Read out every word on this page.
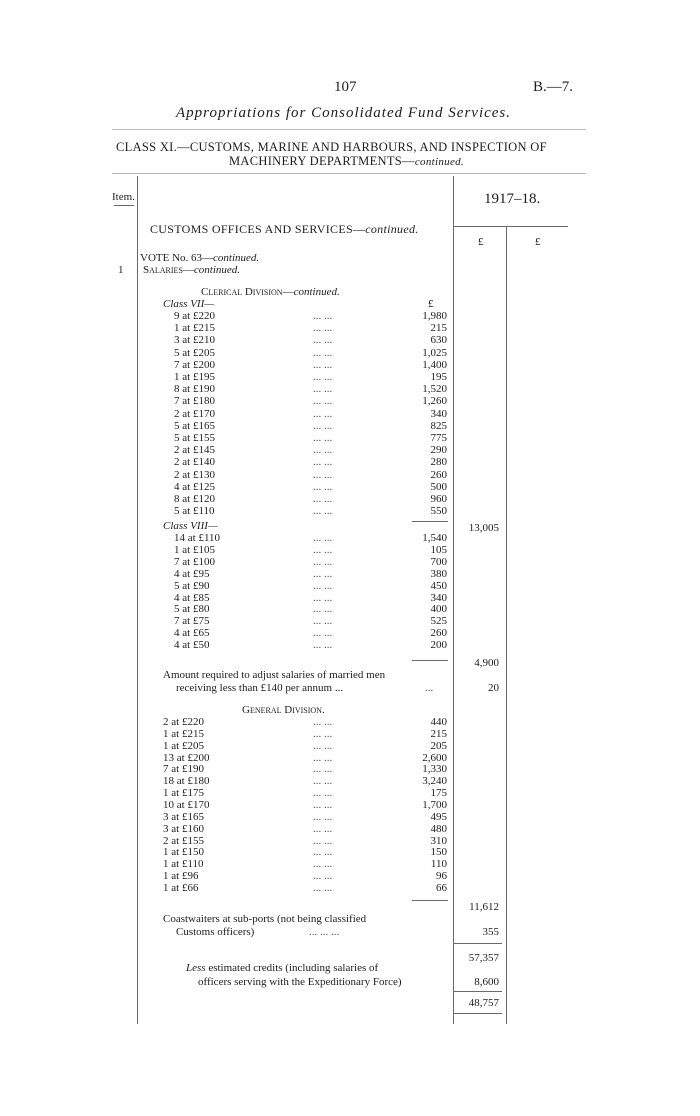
107	B.—7.
Appropriations for Consolidated Fund Services.
CLASS XI.—CUSTOMS, MARINE AND HARBOURS, AND INSPECTION OF
MACHINERY DEPARTMENTS—continued.
Item.	1917–18.
£	£
CUSTOMS OFFICES AND SERVICES—continued.
VOTE No. 63—continued.
1 Salaries—continued.
Clerical Division—continued.
£
Class VII—
9 at £220	... ...	1,980
1 at £215	... ...	215
3 at £210	... ...	630
5 at £205	... ...	1,025
7 at £200	... ...	1,400
1 at £195	... ...	195
8 at £190	... ...	1,520
7 at £180	... ...	1,260
2 at £170	... ...	340
5 at £165	... ...	825
5 at £155	... ...	775
2 at £145	... ...	290
2 at £140	... ...	280
2 at £130	... ...	260
4 at £125	... ...	500
8 at £120	... ...	960
5 at £110	... ...	550
Class VIII—	13,005
14 at £110	... ...	1,540
1 at £105	... ...	105
7 at £100	... ...	700
4 at £95	... ...	380
5 at £90	... ...	450
4 at £85	... ...	340
5 at £80	... ...	400
7 at £75	... ...	525
4 at £65	... ...	260
4 at £50	... ...	200
4,900
Amount required to adjust salaries of married men
receiving less than £140 per annum ...	...	20
General Division.
2 at £220	... ...	440
1 at £215	... ...	215
1 at £205	... ...	205
13 at £200	... ...	2,600
7 at £190	... ...	1,330
18 at £180	... ...	3,240
1 at £175	... ...	175
10 at £170	... ...	1,700
3 at £165	... ...	495
3 at £160	... ...	480
2 at £155	... ...	310
1 at £150	... ...	150
1 at £110	... ...	110
1 at £96	... ...	96
1 at £66	... ...	66
11,612
Coastwaiters at sub-ports (not being classified
Customs officers)	... ... ...	355
57,357
Less estimated credits (including salaries of
officers serving with the Expeditionary Force)	8,600
48,757
